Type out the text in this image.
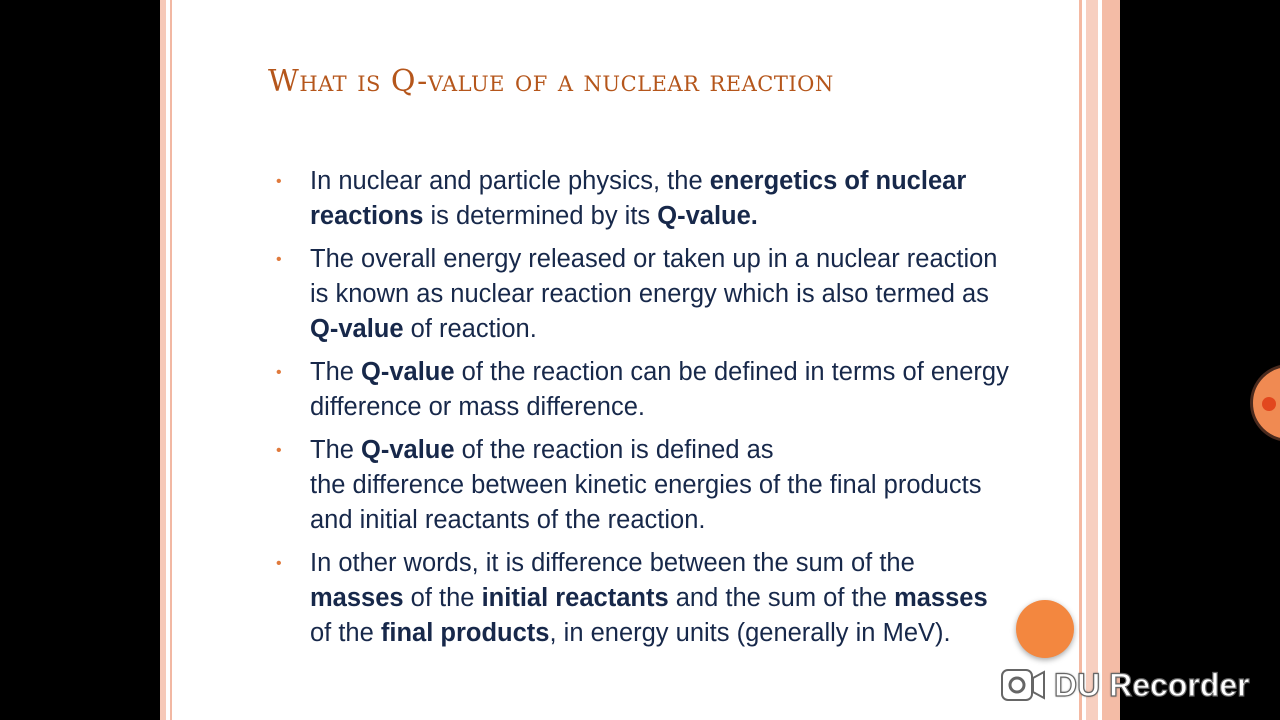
What is Q-value of a nuclear reaction
• In nuclear and particle physics, the energetics of nuclear reactions is determined by its Q-value.
• The overall energy released or taken up in a nuclear reaction is known as nuclear reaction energy which is also termed as Q-value of reaction.
• The Q-value of the reaction can be defined in terms of energy difference or mass difference.
• The Q-value of the reaction is defined as
the difference between kinetic energies of the final products and initial reactants of the reaction.
• In other words, it is difference between the sum of the masses of the initial reactants and the sum of the masses of the final products, in energy units (generally in MeV).
DU Recorder
